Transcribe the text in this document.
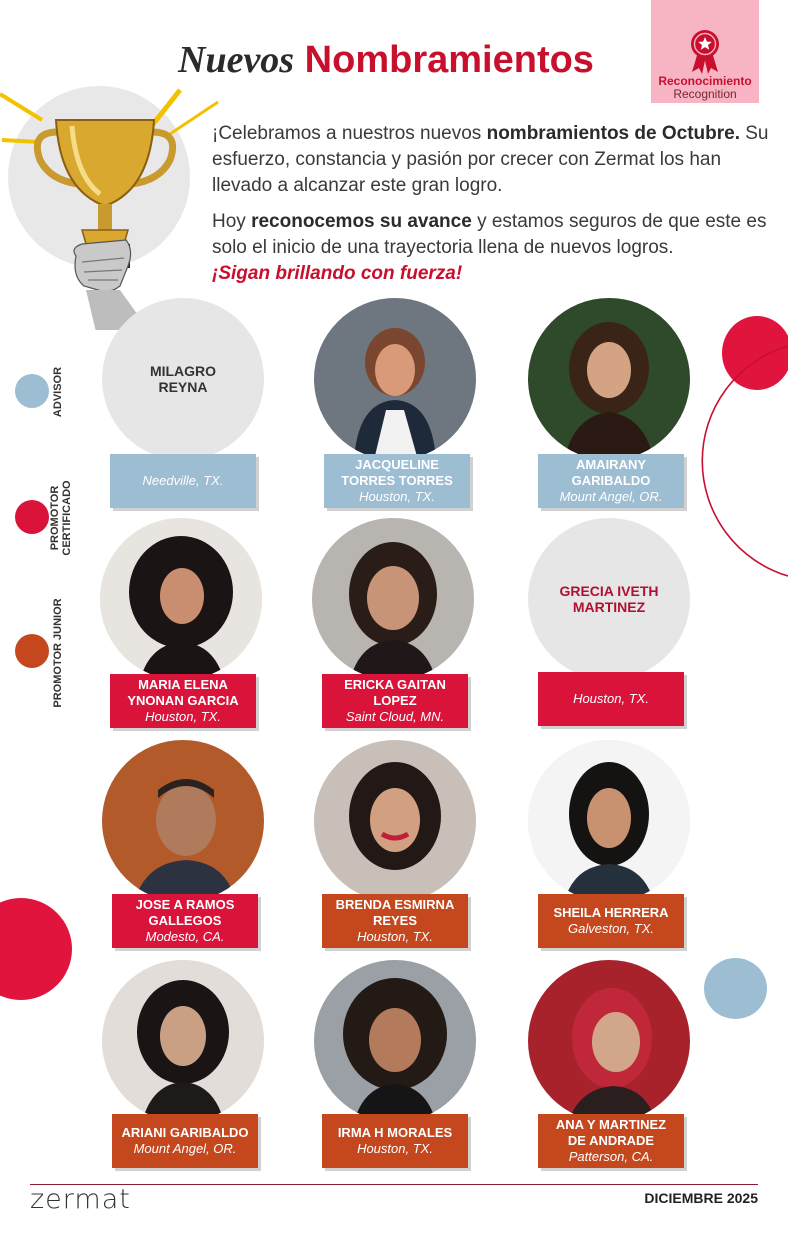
Nuevos Nombramientos	Reconocimiento
Recognition

¡Celebramos a nuestros nuevos nombramientos de Octubre. Su esfuerzo, constancia y pasión por crecer con Zermat los han llevado a alcanzar este gran logro.

Hoy reconocemos su avance y estamos seguros de que este es solo el inicio de una trayectoria llena de nuevos logros.
¡Sigan brillando con fuerza!

ADVISOR
PROMOTOR CERTIFICADO
PROMOTOR JUNIOR
MILAGRO
REYNA
Needville, TX.
JACQUELINE
TORRES TORRES
Houston, TX.
AMAIRANY
GARIBALDO
Mount Angel, OR.
MARIA ELENA
YNONAN GARCIA
Houston, TX.
ERICKA GAITAN
LOPEZ
Saint Cloud, MN.
GRECIA IVETH
MARTINEZ
Houston, TX.
JOSE A RAMOS
GALLEGOS
Modesto, CA.
BRENDA ESMIRNA
REYES
Houston, TX.
SHEILA HERRERA
Galveston, TX.
ARIANI GARIBALDO
Mount Angel, OR.
IRMA H MORALES
Houston, TX.
ANA Y MARTINEZ
DE ANDRADE
Patterson, CA.
zermat	DICIEMBRE 2025
